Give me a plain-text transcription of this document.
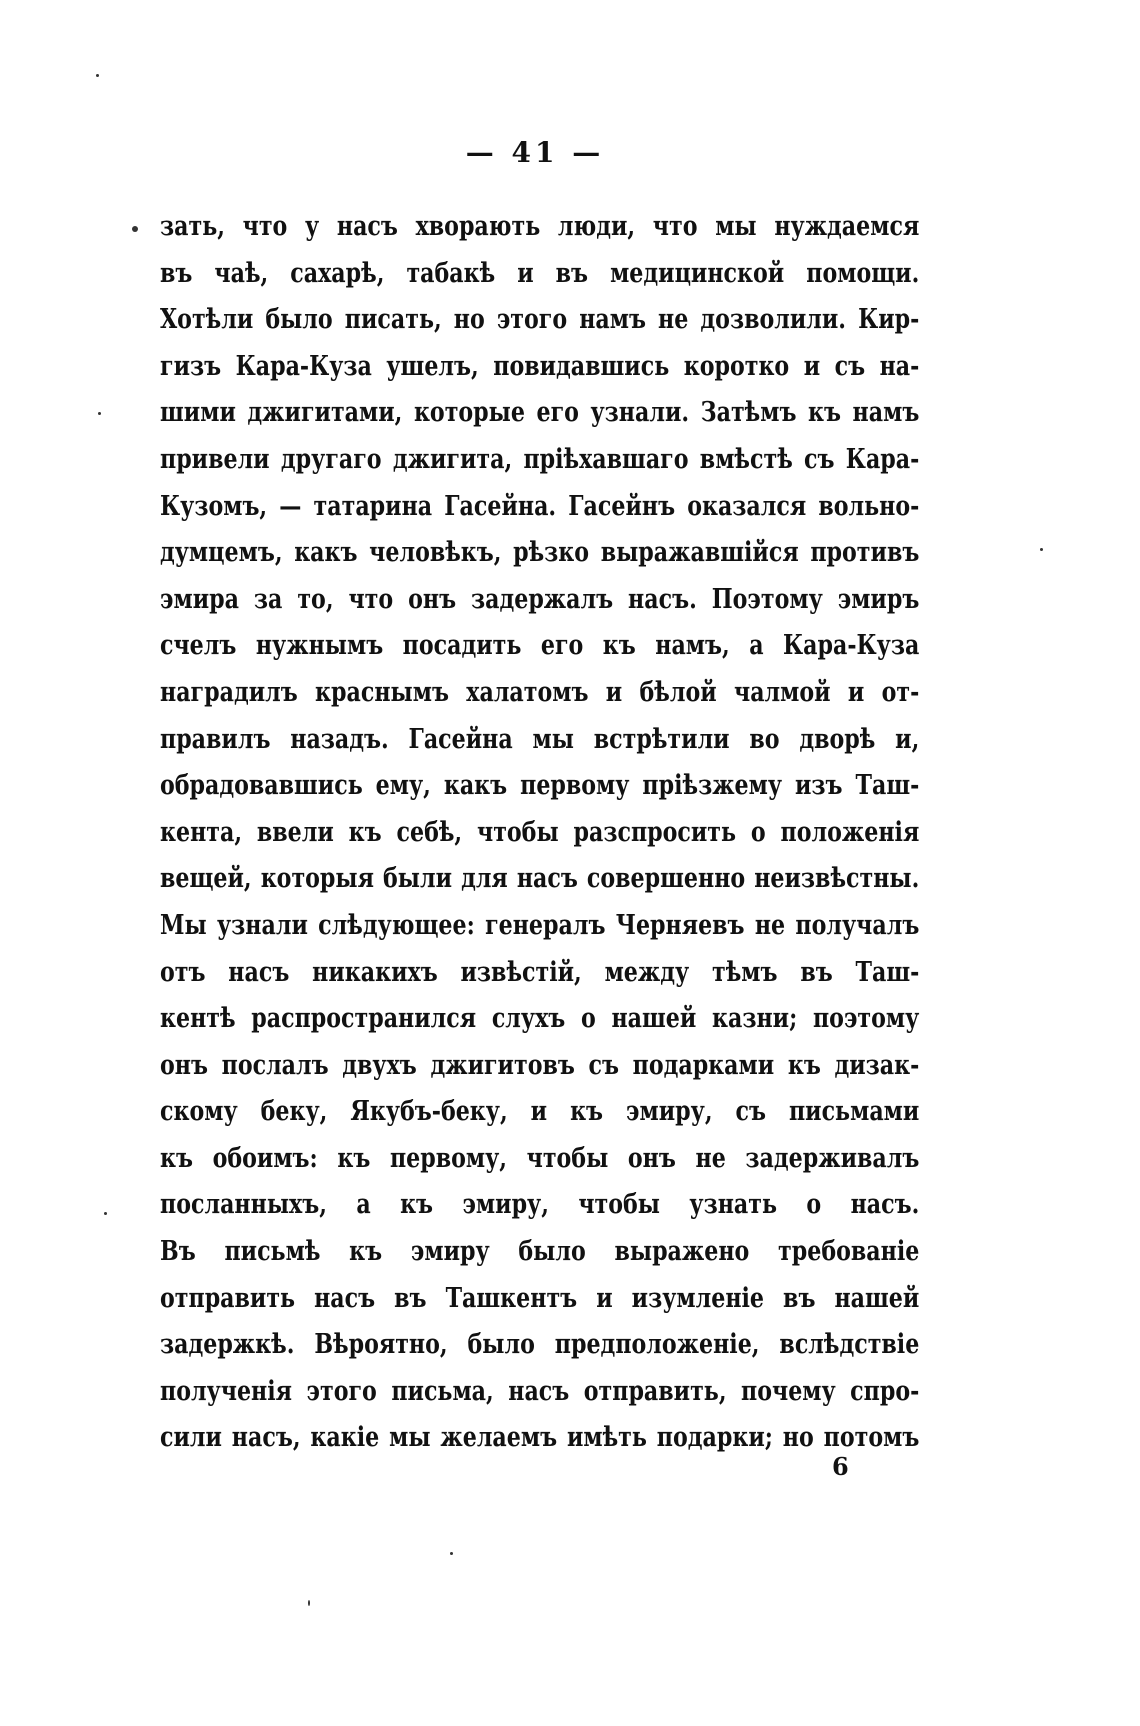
— 41 —
зать, что у насъ хворають люди, что мы нуждаемся
въ чаѣ, сахарѣ, табакѣ и въ медицинской помощи.
Хотѣли было писать, но этого намъ не дозволили. Кир-
гизъ Кара-Куза ушелъ, повидавшись коротко и съ на-
шими джигитами, которые его узнали. Затѣмъ къ намъ
привели другаго джигита, пріѣхавшаго вмѣстѣ съ Кара-
Кузомъ, — татарина Гасейна. Гасейнъ оказался вольно-
думцемъ, какъ человѣкъ, рѣзко выражавшійся противъ
эмира за то, что онъ задержалъ насъ. Поэтому эмиръ
счелъ нужнымъ посадить его къ намъ, а Кара-Куза
наградилъ краснымъ халатомъ и бѣлой чалмой и от-
правилъ назадъ. Гасейна мы встрѣтили во дворѣ и,
обрадовавшись ему, какъ первому пріѣзжему изъ Таш-
кента, ввели къ себѣ, чтобы разспросить о положенія
вещей, которыя были для насъ совершенно неизвѣстны.
Мы узнали слѣдующее: генералъ Черняевъ не получалъ
отъ насъ никакихъ извѣстій, между тѣмъ въ Таш-
кентѣ распространился слухъ о нашей казни; поэтому
онъ послалъ двухъ джигитовъ съ подарками къ дизак-
скому беку, Якубъ-беку, и къ эмиру, съ письмами
къ обоимъ: къ первому, чтобы онъ не задерживалъ
посланныхъ, а къ эмиру, чтобы узнать о насъ.
Въ письмѣ къ эмиру было выражено требованіе
отправить насъ въ Ташкентъ и изумленіе въ нашей
задержкѣ. Вѣроятно, было предположеніе, вслѣдствіе
полученія этого письма, насъ отправить, почему спро-
сили насъ, какіе мы желаемъ имѣть подарки; но потомъ
6
